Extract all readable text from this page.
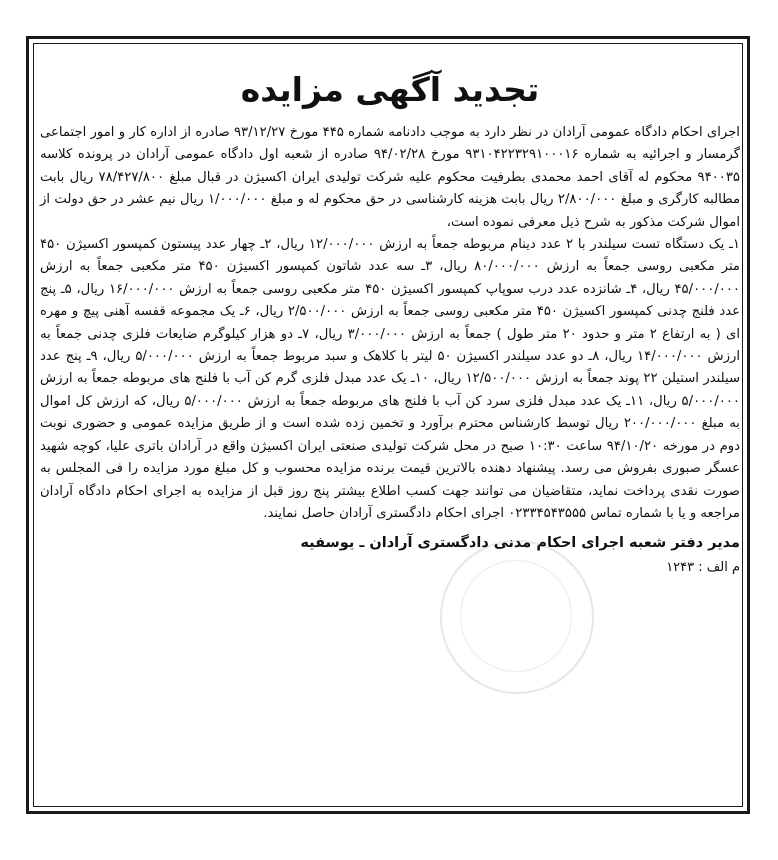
تجدید آگهی مزایده

اجرای احکام دادگاه عمومی آرادان در نظر دارد به موجب دادنامه شماره ۴۴۵ مورخ ۹۳/۱۲/۲۷ صادره از اداره کار و امور اجتماعی گرمسار و اجرائیه به شماره ۹۳۱۰۴۲۲۳۲۹۱۰۰۰۱۶ مورخ ۹۴/۰۲/۲۸ صادره از شعبه اول دادگاه عمومی آرادان در پرونده کلاسه ۹۴۰۰۳۵ محکوم له آقای احمد محمدی بطرفیت محکوم علیه شرکت تولیدی ایران اکسیژن در قبال مبلغ ۷۸/۴۲۷/۸۰۰ ریال بابت مطالبه کارگری و مبلغ ۲/۸۰۰/۰۰۰ ریال بابت هزینه کارشناسی در حق محکوم له و مبلغ ۱/۰۰۰/۰۰۰ ریال نیم عشر در حق دولت از اموال شرکت مذکور به شرح ذیل معرفی نموده است،

۱ـ یک دستگاه تست سیلندر با ۲ عدد دینام مربوطه جمعاً به ارزش ۱۲/۰۰۰/۰۰۰ ریال، ۲ـ چهار عدد پیستون کمپسور اکسیژن ۴۵۰ متر مکعبی روسی جمعاً به ارزش ۸۰/۰۰۰/۰۰۰ ریال، ۳ـ سه عدد شاتون کمپسور اکسیژن ۴۵۰ متر مکعبی جمعاً به ارزش ۴۵/۰۰۰/۰۰۰ ریال، ۴ـ شانزده عدد درب سوپاپ کمپسور اکسیژن ۴۵۰ متر مکعبی روسی جمعاً به ارزش ۱۶/۰۰۰/۰۰۰ ریال، ۵ـ پنج عدد فلنج چدنی کمپسور اکسیژن ۴۵۰ متر مکعبی روسی جمعاً به ارزش ۲/۵۰۰/۰۰۰ ریال، ۶ـ یک مجموعه قفسه آهنی پیچ و مهره ای ( به ارتفاع ۲ متر و حدود ۲۰ متر طول ) جمعاً به ارزش ۳/۰۰۰/۰۰۰ ریال، ۷ـ دو هزار کیلوگرم ضایعات فلزی چدنی جمعاً به ارزش ۱۴/۰۰۰/۰۰۰ ریال، ۸ـ دو عدد سیلندر اکسیژن ۵۰ لیتر با کلاهک و سبد مربوط جمعاً به ارزش ۵/۰۰۰/۰۰۰ ریال، ۹ـ پنج عدد سیلندر استیلن ۲۲ پوند جمعاً به ارزش ۱۲/۵۰۰/۰۰۰ ریال، ۱۰ـ یک عدد مبدل فلزی گرم کن آب با فلنج های مربوطه جمعاً به ارزش ۵/۰۰۰/۰۰۰ ریال، ۱۱ـ یک عدد مبدل فلزی سرد کن آب با فلنج های مربوطه جمعاً به ارزش ۵/۰۰۰/۰۰۰ ریال، که ارزش کل اموال به مبلغ ۲۰۰/۰۰۰/۰۰۰ ریال توسط کارشناس محترم برآورد و تخمین زده شده است و از طریق مزایده عمومی و حضوری نوبت دوم در مورخه ۹۴/۱۰/۲۰ ساعت ۱۰:۳۰ صبح در محل شرکت تولیدی صنعتی ایران اکسیژن واقع در آرادان باتری علیا، کوچه شهید عسگر صبوری بفروش می رسد. پیشنهاد دهنده بالاترین قیمت برنده مزایده محسوب و کل مبلغ مورد مزایده را فی المجلس به صورت نقدی پرداخت نماید، متقاضیان می توانند جهت کسب اطلاع بیشتر پنج روز قبل از مزایده به اجرای احکام دادگاه آرادان مراجعه و یا با شماره تماس ۰۲۳۳۴۵۴۳۵۵۵ اجرای احکام دادگستری آرادان حاصل نمایند.

مدیر دفتر شعبه اجرای احکام مدنی دادگستری آرادان ـ یوسفیه
م الف : ۱۲۴۳
